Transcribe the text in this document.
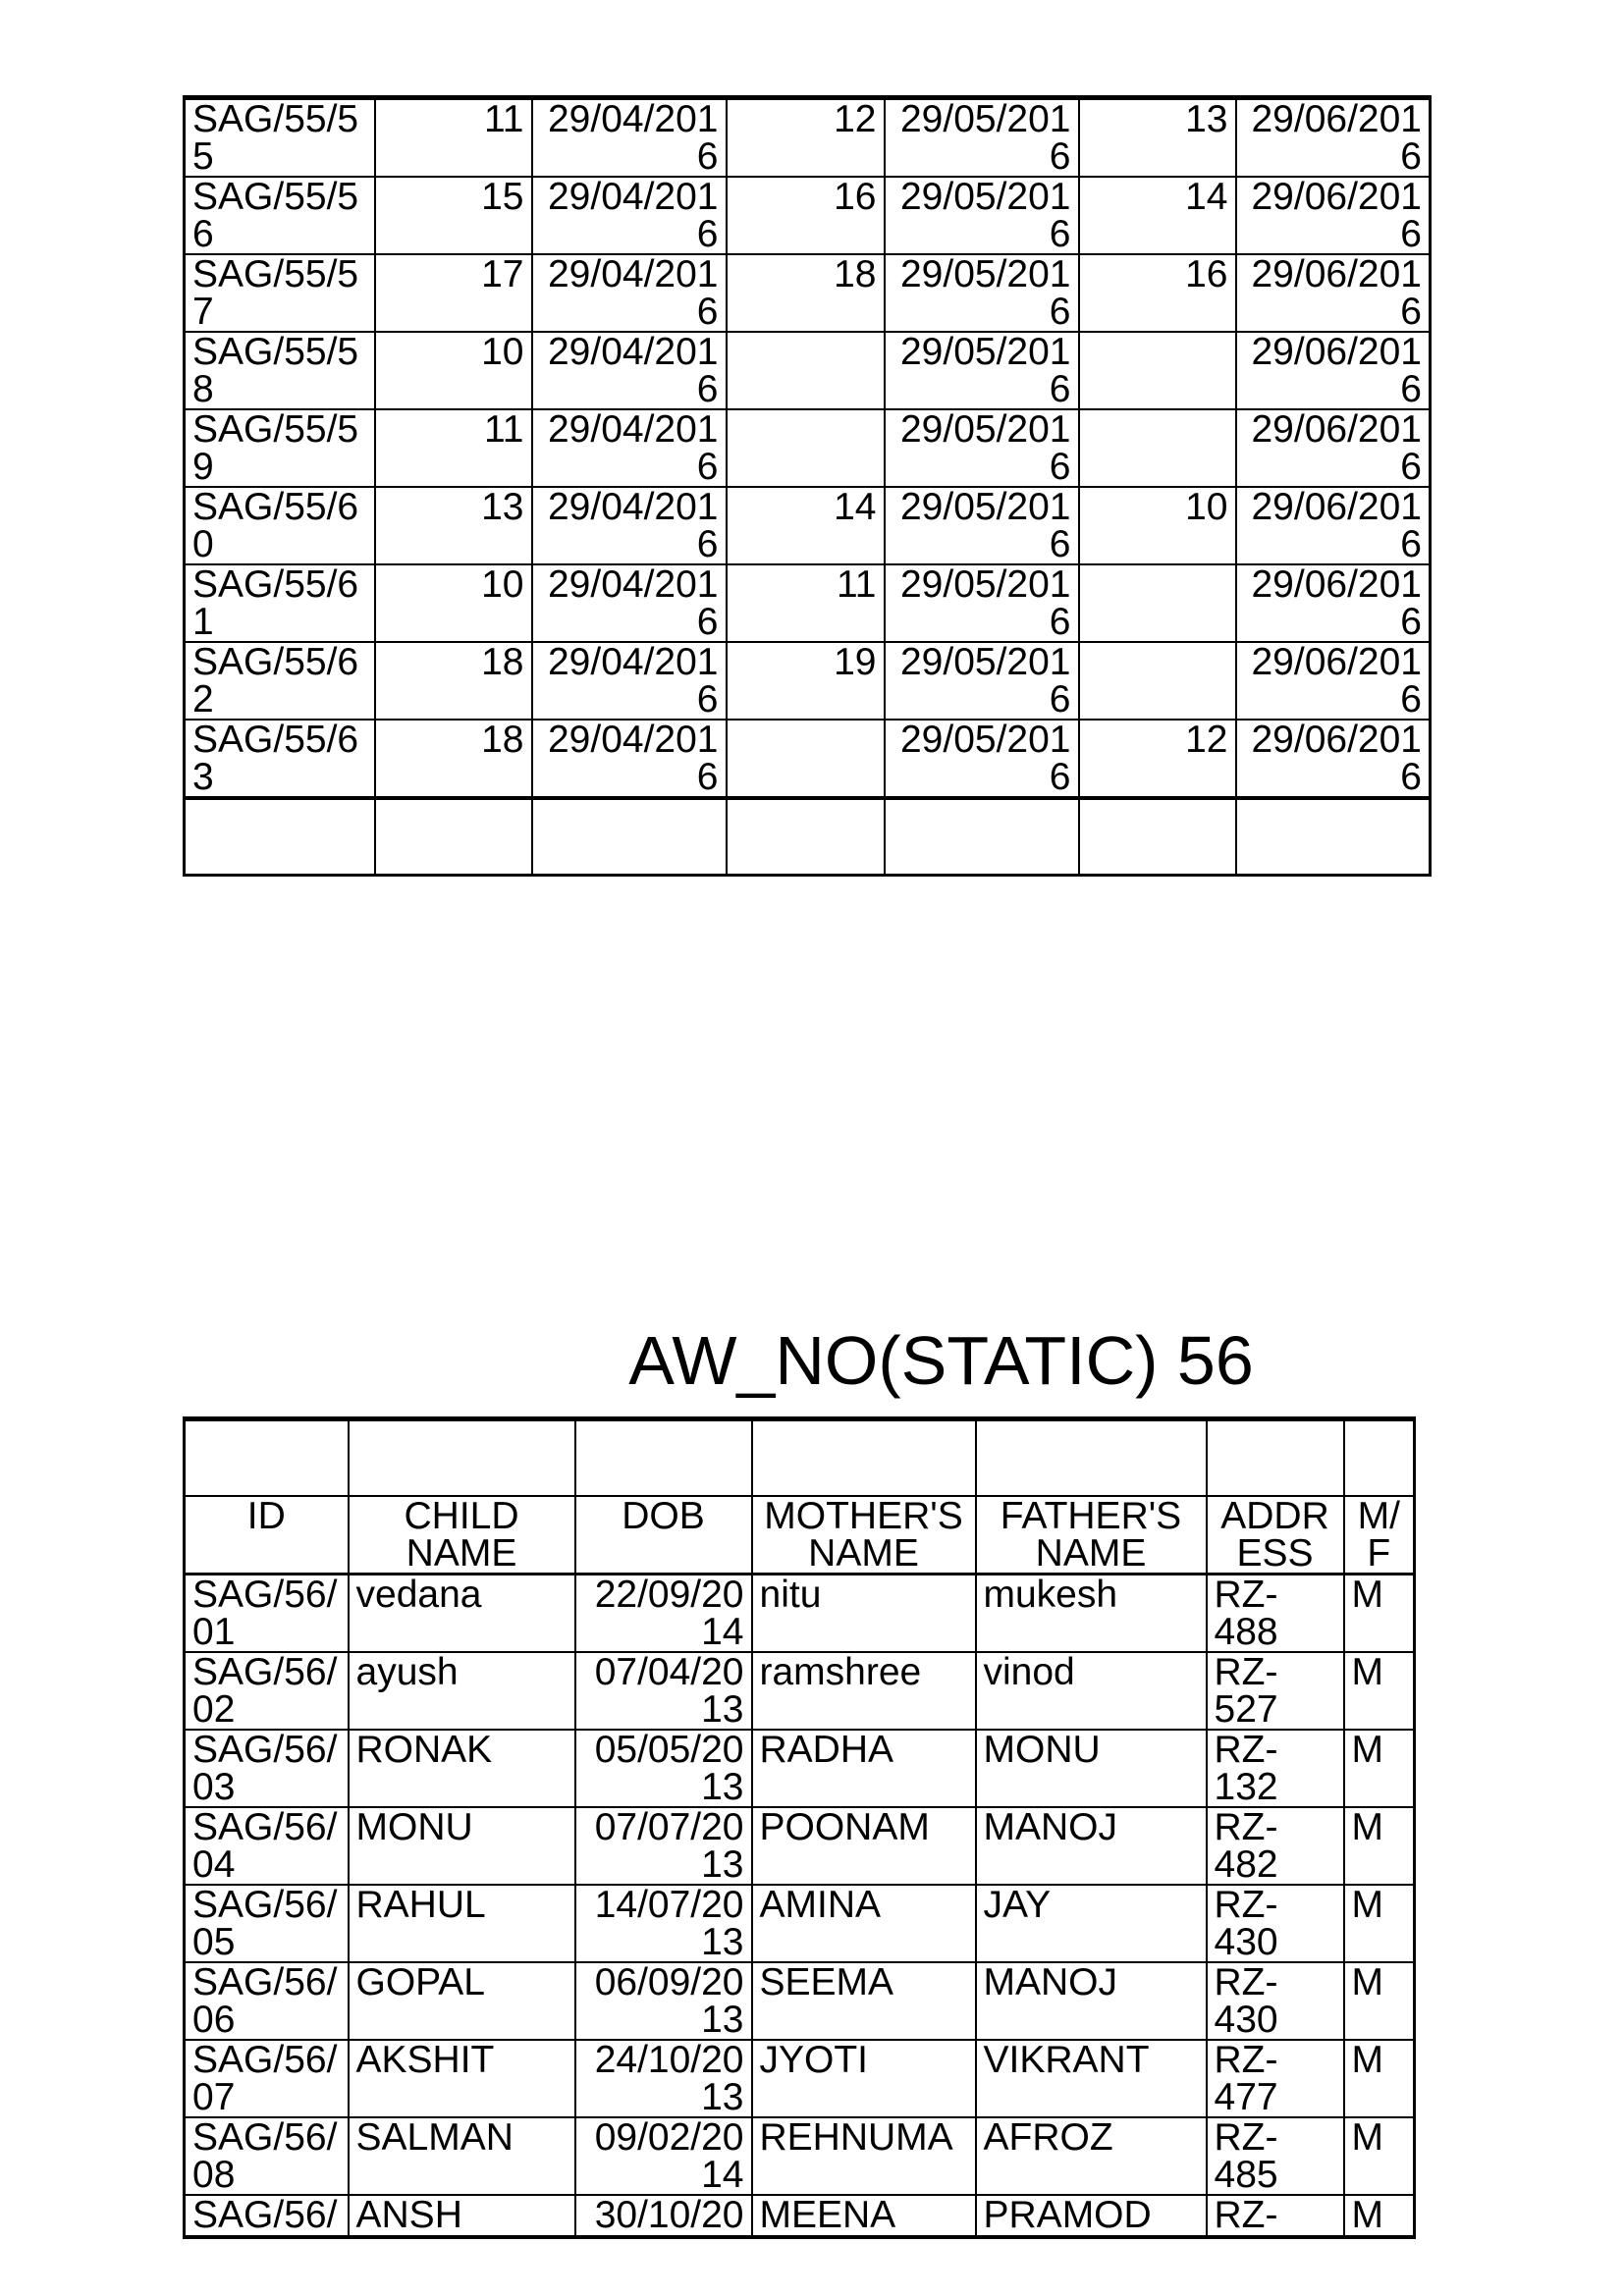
SAG/55/55	11	29/04/2016	12	29/05/2016	13	29/06/2016
SAG/55/56	15	29/04/2016	16	29/05/2016	14	29/06/2016
SAG/55/57	17	29/04/2016	18	29/05/2016	16	29/06/2016
SAG/55/58	10	29/04/2016		29/05/2016		29/06/2016
SAG/55/59	11	29/04/2016		29/05/2016		29/06/2016
SAG/55/60	13	29/04/2016	14	29/05/2016	10	29/06/2016
SAG/55/61	10	29/04/2016	11	29/05/2016		29/06/2016
SAG/55/62	18	29/04/2016	19	29/05/2016		29/06/2016
SAG/55/63	18	29/04/2016		29/05/2016	12	29/06/2016

AW_NO(STATIC) 56

ID	CHILD NAME	DOB	MOTHER'S NAME	FATHER'S NAME	ADDRESS	M/F
SAG/56/01	vedana	22/09/2014	nitu	mukesh	RZ-488	M
SAG/56/02	ayush	07/04/2013	ramshree	vinod	RZ-527	M
SAG/56/03	RONAK	05/05/2013	RADHA	MONU	RZ-132	M
SAG/56/04	MONU	07/07/2013	POONAM	MANOJ	RZ-482	M
SAG/56/05	RAHUL	14/07/2013	AMINA	JAY	RZ-430	M
SAG/56/06	GOPAL	06/09/2013	SEEMA	MANOJ	RZ-430	M
SAG/56/07	AKSHIT	24/10/2013	JYOTI	VIKRANT	RZ-477	M
SAG/56/08	SALMAN	09/02/2014	REHNUMA	AFROZ	RZ-485	M
SAG/56/	ANSH	30/10/20	MEENA	PRAMOD	RZ-	M
